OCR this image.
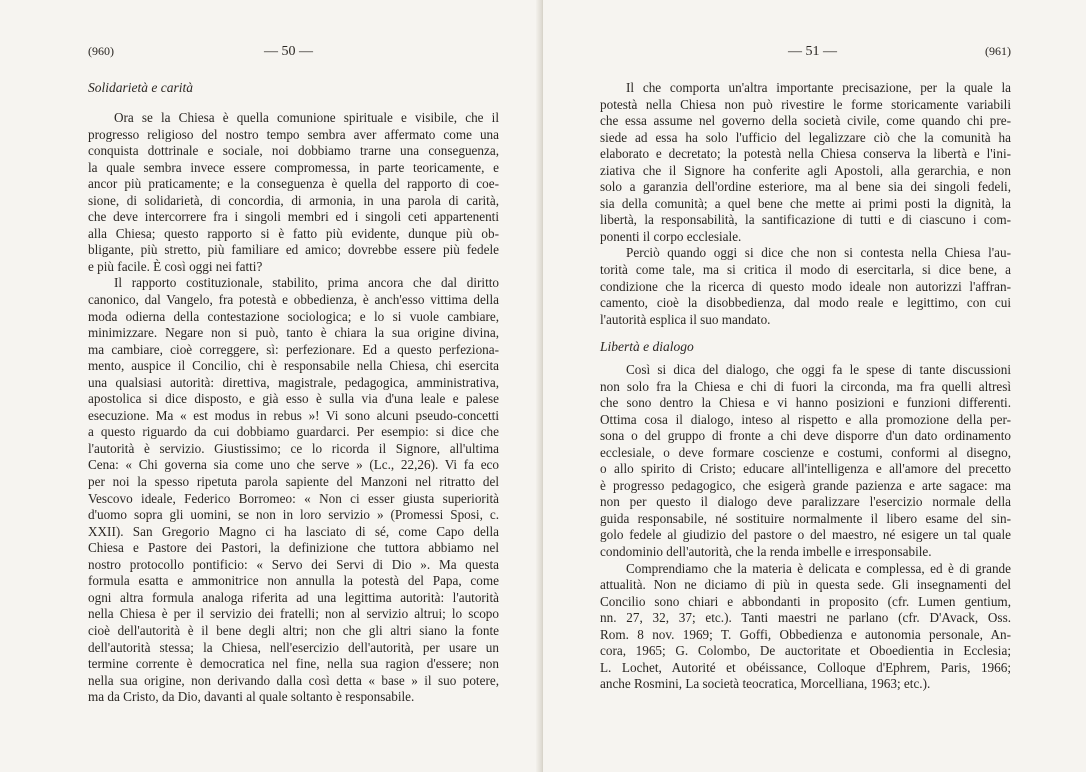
(960)	— 50 —
Solidarietà e carità

Ora se la Chiesa è quella comunione spirituale e visibile, che il
progresso religioso del nostro tempo sembra aver affermato come una
conquista dottrinale e sociale, noi dobbiamo trarne una conseguenza,
la quale sembra invece essere compromessa, in parte teoricamente, e
ancor più praticamente; e la conseguenza è quella del rapporto di coe-
sione, di solidarietà, di concordia, di armonia, in una parola di carità,
che deve intercorrere fra i singoli membri ed i singoli ceti appartenenti
alla Chiesa; questo rapporto si è fatto più evidente, dunque più ob-
bligante, più stretto, più familiare ed amico; dovrebbe essere più fedele
e più facile. È così oggi nei fatti?

Il rapporto costituzionale, stabilito, prima ancora che dal diritto
canonico, dal Vangelo, fra potestà e obbedienza, è anch'esso vittima della
moda odierna della contestazione sociologica; e lo si vuole cambiare,
minimizzare. Negare non si può, tanto è chiara la sua origine divina,
ma cambiare, cioè correggere, sì: perfezionare. Ed a questo perfeziona-
mento, auspice il Concilio, chi è responsabile nella Chiesa, chi esercita
una qualsiasi autorità: direttiva, magistrale, pedagogica, amministrativa,
apostolica si dice disposto, e già esso è sulla via d'una leale e palese
esecuzione. Ma « est modus in rebus »! Vi sono alcuni pseudo-concetti
a questo riguardo da cui dobbiamo guardarci. Per esempio: si dice che
l'autorità è servizio. Giustissimo; ce lo ricorda il Signore, all'ultima
Cena: « Chi governa sia come uno che serve » (Lc., 22,26). Vi fa eco
per noi la spesso ripetuta parola sapiente del Manzoni nel ritratto del
Vescovo ideale, Federico Borromeo: « Non ci esser giusta superiorità
d'uomo sopra gli uomini, se non in loro servizio » (Promessi Sposi, c.
XXII). San Gregorio Magno ci ha lasciato di sé, come Capo della
Chiesa e Pastore dei Pastori, la definizione che tuttora abbiamo nel
nostro protocollo pontificio: « Servo dei Servi di Dio ». Ma questa
formula esatta e ammonitrice non annulla la potestà del Papa, come
ogni altra formula analoga riferita ad una legittima autorità: l'autorità
nella Chiesa è per il servizio dei fratelli; non al servizio altrui; lo scopo
cioè dell'autorità è il bene degli altri; non che gli altri siano la fonte
dell'autorità stessa; la Chiesa, nell'esercizio dell'autorità, per usare un
termine corrente è democratica nel fine, nella sua ragion d'essere; non
nella sua origine, non derivando dalla così detta « base » il suo potere,
ma da Cristo, da Dio, davanti al quale soltanto è responsabile.

— 51 —	(961)

Il che comporta un'altra importante precisazione, per la quale la
potestà nella Chiesa non può rivestire le forme storicamente variabili
che essa assume nel governo della società civile, come quando chi pre-
siede ad essa ha solo l'ufficio del legalizzare ciò che la comunità ha
elaborato e decretato; la potestà nella Chiesa conserva la libertà e l'ini-
ziativa che il Signore ha conferite agli Apostoli, alla gerarchia, e non
solo a garanzia dell'ordine esteriore, ma al bene sia dei singoli fedeli,
sia della comunità; a quel bene che mette ai primi posti la dignità, la
libertà, la responsabilità, la santificazione di tutti e di ciascuno i com-
ponenti il corpo ecclesiale.

Perciò quando oggi si dice che non si contesta nella Chiesa l'au-
torità come tale, ma si critica il modo di esercitarla, si dice bene, a
condizione che la ricerca di questo modo ideale non autorizzi l'affran-
camento, cioè la disobbedienza, dal modo reale e legittimo, con cui
l'autorità esplica il suo mandato.

Libertà e dialogo

Così si dica del dialogo, che oggi fa le spese di tante discussioni
non solo fra la Chiesa e chi di fuori la circonda, ma fra quelli altresì
che sono dentro la Chiesa e vi hanno posizioni e funzioni differenti.
Ottima cosa il dialogo, inteso al rispetto e alla promozione della per-
sona o del gruppo di fronte a chi deve disporre d'un dato ordinamento
ecclesiale, o deve formare coscienze e costumi, conformi al disegno,
o allo spirito di Cristo; educare all'intelligenza e all'amore del precetto
è progresso pedagogico, che esigerà grande pazienza e arte sagace: ma
non per questo il dialogo deve paralizzare l'esercizio normale della
guida responsabile, né sostituire normalmente il libero esame del sin-
golo fedele al giudizio del pastore o del maestro, né esigere un tal quale
condominio dell'autorità, che la renda imbelle e irresponsabile.

Comprendiamo che la materia è delicata e complessa, ed è di grande
attualità. Non ne diciamo di più in questa sede. Gli insegnamenti del
Concilio sono chiari e abbondanti in proposito (cfr. Lumen gentium,
nn. 27, 32, 37; etc.). Tanti maestri ne parlano (cfr. D'Avack, Oss.
Rom. 8 nov. 1969; T. Goffi, Obbedienza e autonomia personale, An-
cora, 1965; G. Colombo, De auctoritate et Oboedientia in Ecclesia;
L. Lochet, Autorité et obéissance, Colloque d'Ephrem, Paris, 1966;
anche Rosmini, La società teocratica, Morcelliana, 1963; etc.).
